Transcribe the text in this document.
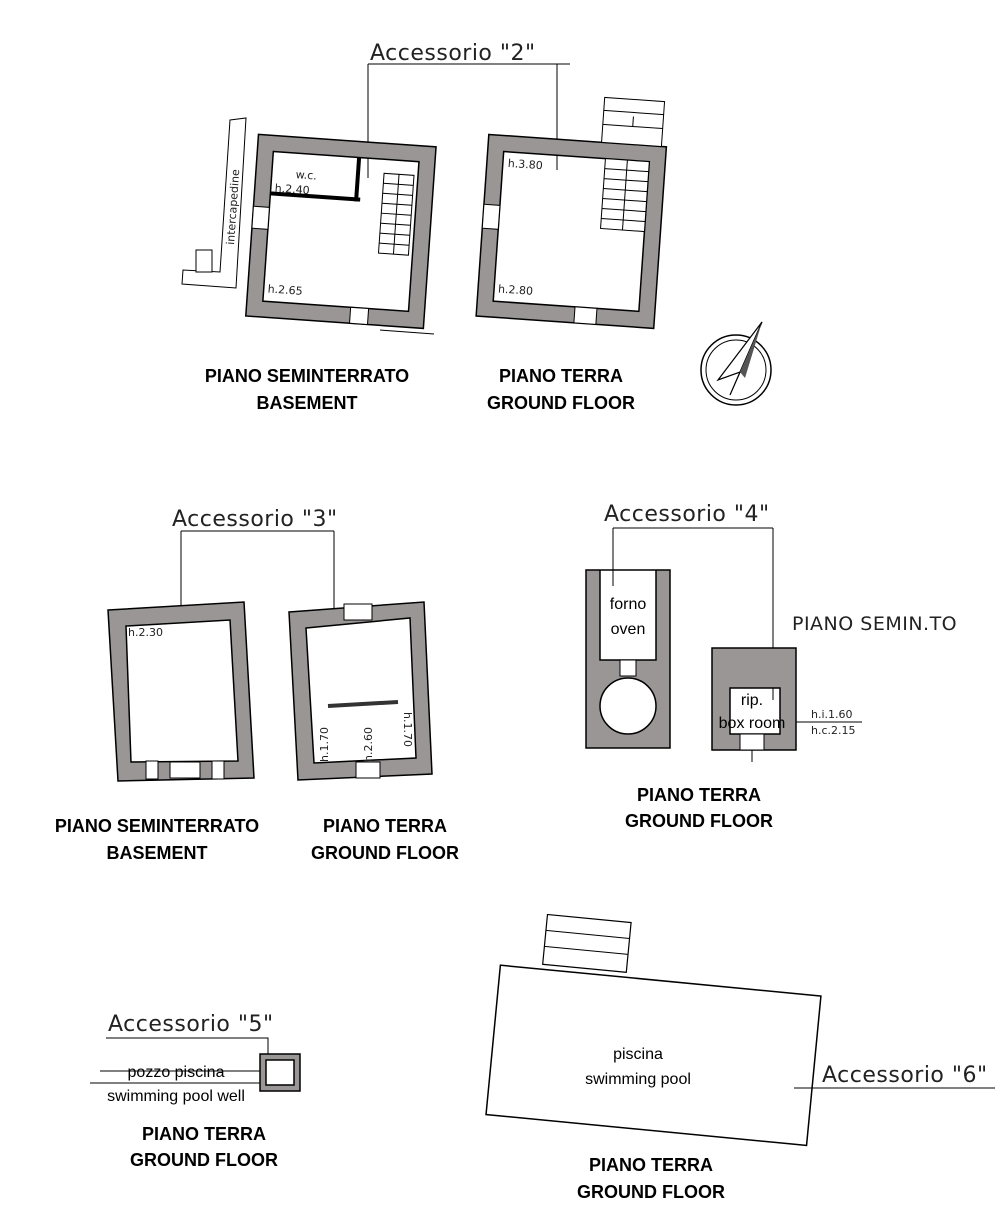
Accessorio "2"
w.c.
h.2.40
h.2.65
intercapedine
h.3.80
h.2.80
PIANO SEMINTERRATO
BASEMENT
PIANO TERRA
GROUND FLOOR
Accessorio "3"
h.2.30
h.1.70	h.2.60 h.1.70
PIANO SEMINTERRATO
BASEMENT
PIANO TERRA
GROUND FLOOR
Accessorio "4"
forno
oven
rip.
box room
h.i.1.60
h.c.2.15
PIANO SEMIN.TO
PIANO TERRA
GROUND FLOOR
Accessorio "5"
pozzo piscina
swimming pool well
PIANO TERRA
GROUND FLOOR
piscina
swimming pool	Accessorio "6"
PIANO TERRA
GROUND FLOOR
